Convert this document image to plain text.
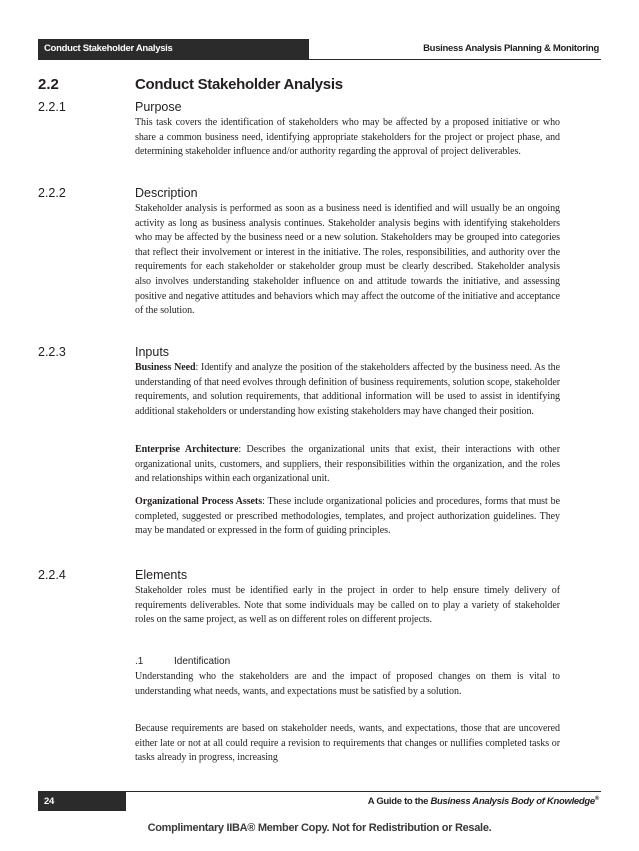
Conduct Stakeholder Analysis	Business Analysis Planning & Monitoring
2.2	Conduct Stakeholder Analysis
2.2.1	Purpose
This task covers the identification of stakeholders who may be affected by a proposed initiative or who share a common business need, identifying appropriate stakeholders for the project or project phase, and determining stakeholder influence and/or authority regarding the approval of project deliverables.
2.2.2	Description
Stakeholder analysis is performed as soon as a business need is identified and will usually be an ongoing activity as long as business analysis continues. Stakeholder analysis begins with identifying stakeholders who may be affected by the business need or a new solution. Stakeholders may be grouped into categories that reflect their involvement or interest in the initiative. The roles, responsibilities, and authority over the requirements for each stakeholder or stakeholder group must be clearly described. Stakeholder analysis also involves understanding stakeholder influence on and attitude towards the initiative, and assessing positive and negative attitudes and behaviors which may affect the outcome of the initiative and acceptance of the solution.
2.2.3	Inputs
Business Need: Identify and analyze the position of the stakeholders affected by the business need. As the understanding of that need evolves through definition of business requirements, solution scope, stakeholder requirements, and solution requirements, that additional information will be used to assist in identifying additional stakeholders or understanding how existing stakeholders may have changed their position.
Enterprise Architecture: Describes the organizational units that exist, their interactions with other organizational units, customers, and suppliers, their responsibilities within the organization, and the roles and relationships within each organizational unit.
Organizational Process Assets: These include organizational policies and procedures, forms that must be completed, suggested or prescribed methodologies, templates, and project authorization guidelines. They may be mandated or expressed in the form of guiding principles.
2.2.4	Elements
Stakeholder roles must be identified early in the project in order to help ensure timely delivery of requirements deliverables. Note that some individuals may be called on to play a variety of stakeholder roles on the same project, as well as on different roles on different projects.
.1	Identification
Understanding who the stakeholders are and the impact of proposed changes on them is vital to understanding what needs, wants, and expectations must be satisfied by a solution.
Because requirements are based on stakeholder needs, wants, and expectations, those that are uncovered either late or not at all could require a revision to requirements that changes or nullifies completed tasks or tasks already in progress, increasing
24	A Guide to the Business Analysis Body of Knowledge®
Complimentary IIBA® Member Copy. Not for Redistribution or Resale.
